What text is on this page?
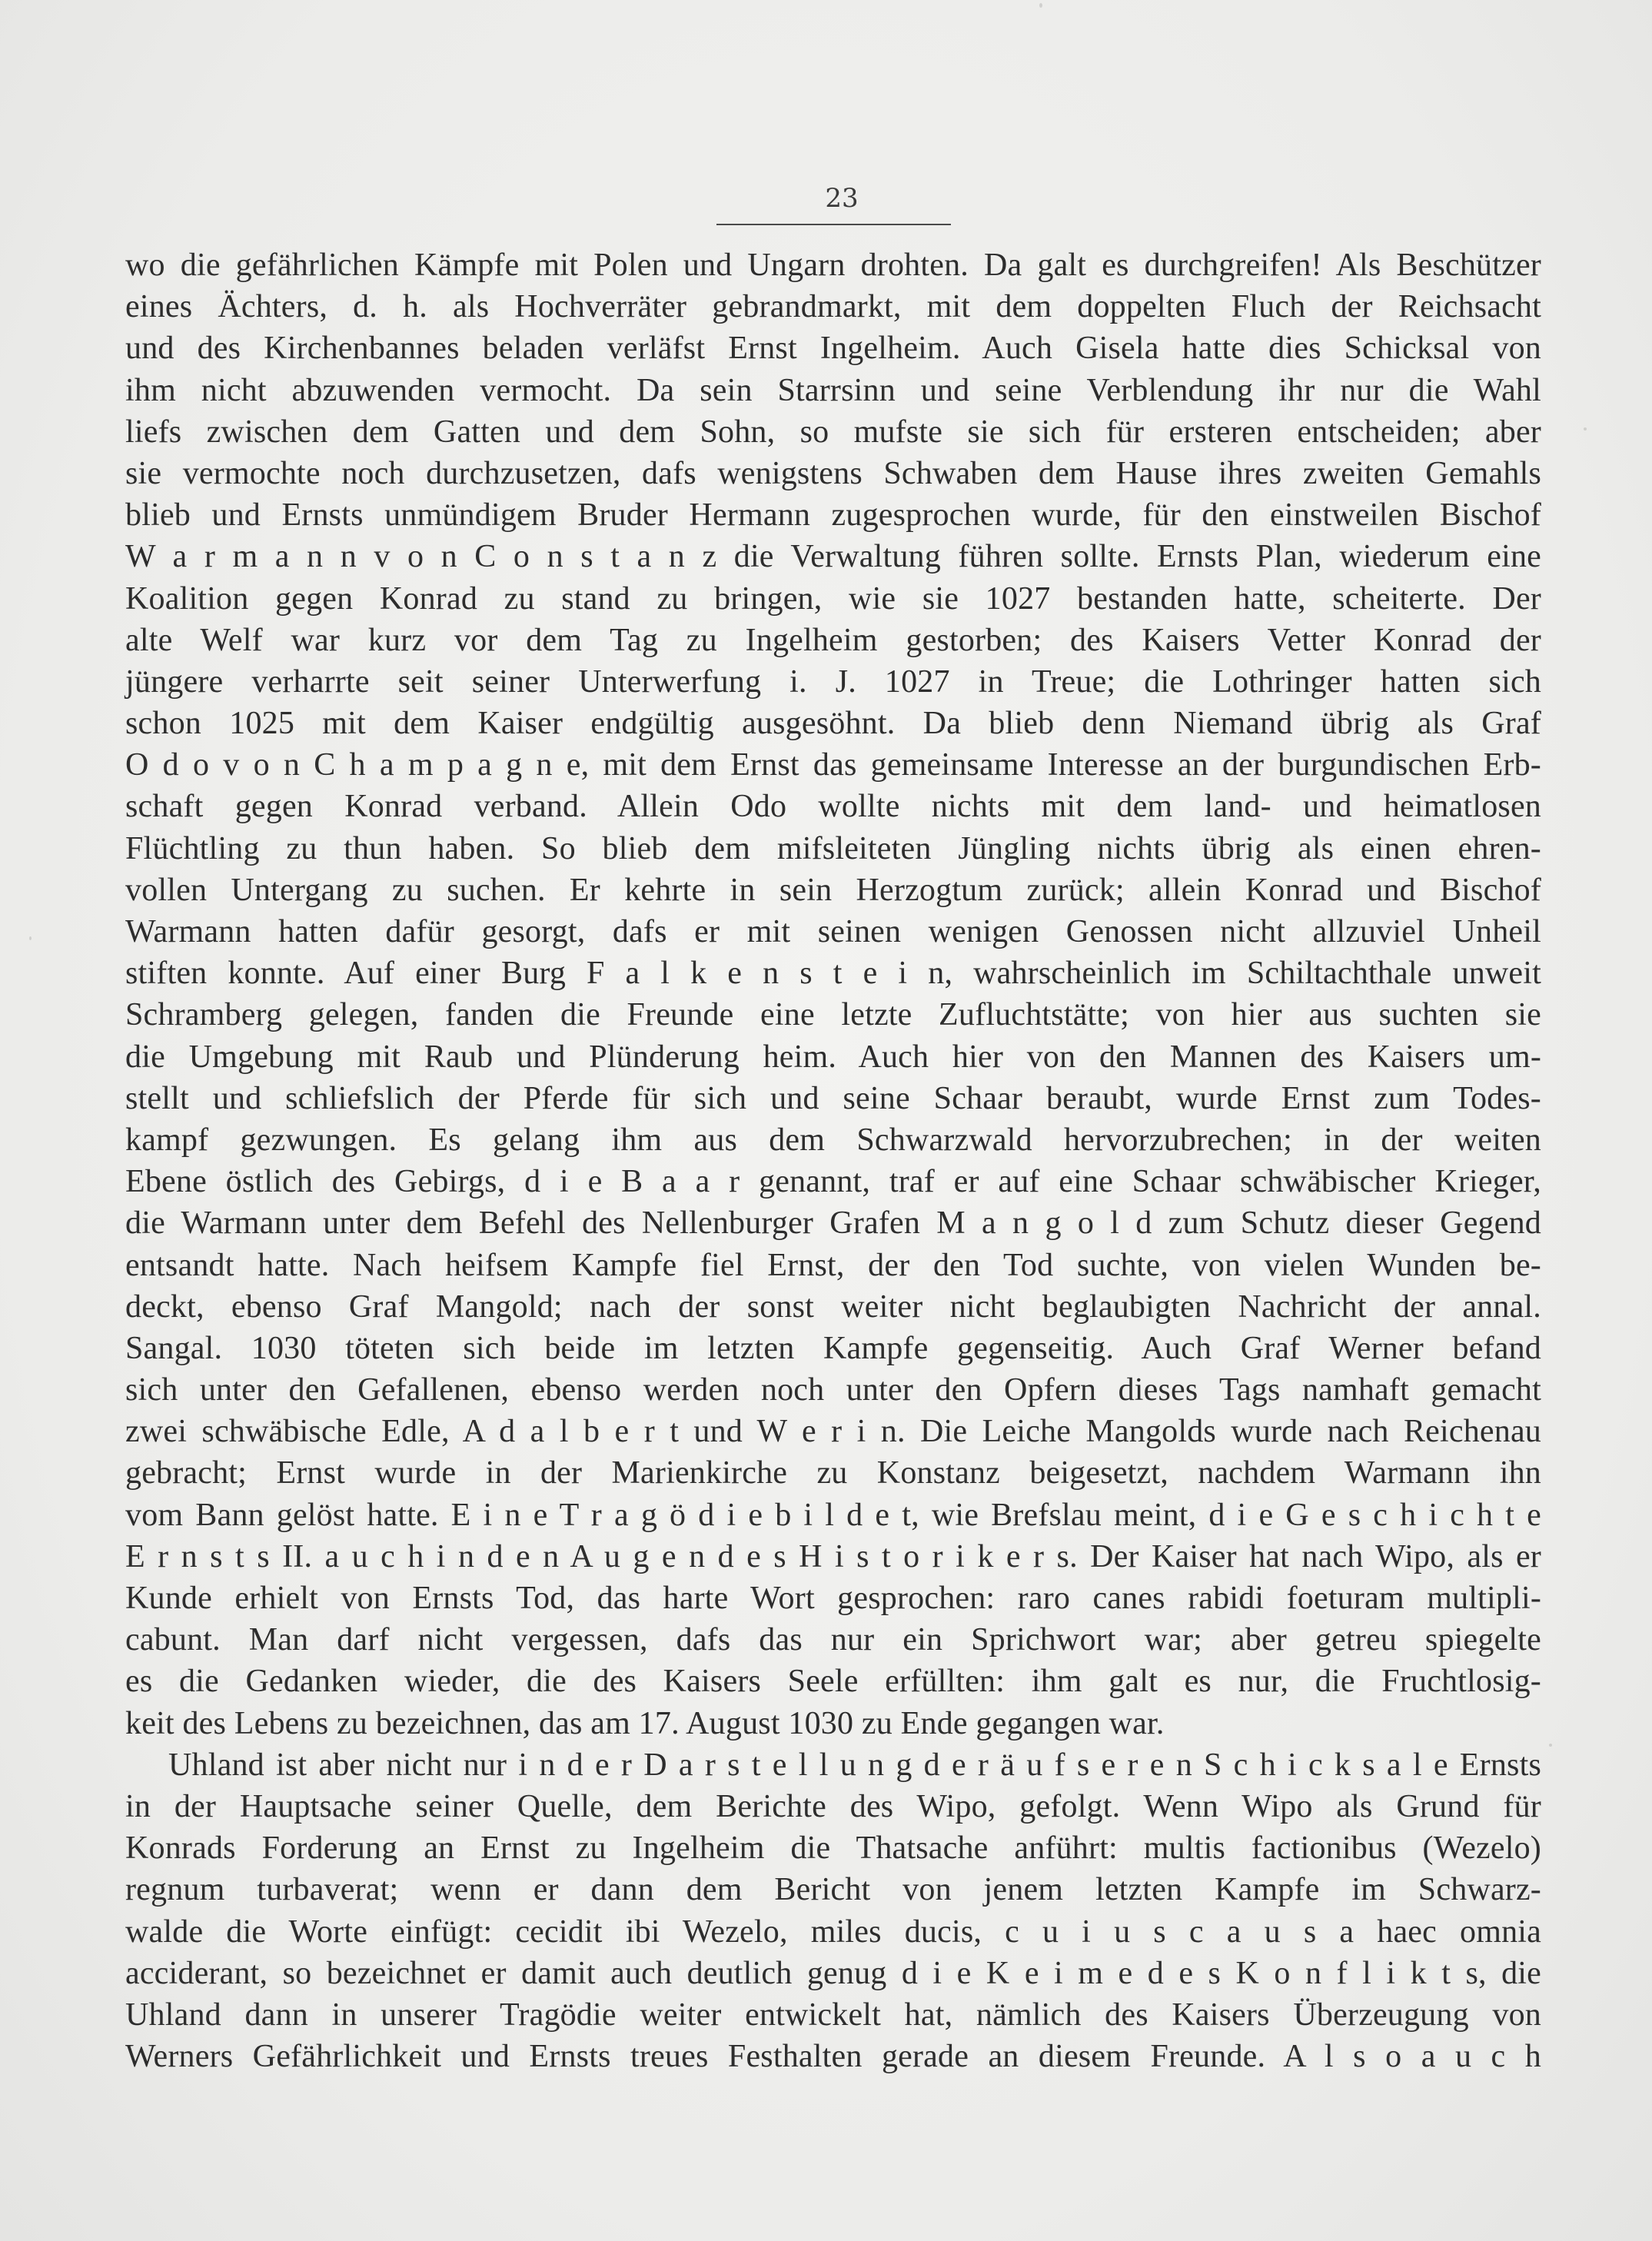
23
wo die gefährlichen Kämpfe mit Polen und Ungarn drohten. Da galt es durchgreifen! Als Beschützer
eines Ächters, d. h. als Hochverräter gebrandmarkt, mit dem doppelten Fluch der Reichsacht
und des Kirchenbannes beladen verläfst Ernst Ingelheim. Auch Gisela hatte dies Schicksal von
ihm nicht abzuwenden vermocht. Da sein Starrsinn und seine Verblendung ihr nur die Wahl
liefs zwischen dem Gatten und dem Sohn, so mufste sie sich für ersteren entscheiden; aber
sie vermochte noch durchzusetzen, dafs wenigstens Schwaben dem Hause ihres zweiten Gemahls
blieb und Ernsts unmündigem Bruder Hermann zugesprochen wurde, für den einstweilen Bischof
W a r m a n n v o n C o n s t a n z die Verwaltung führen sollte. Ernsts Plan, wiederum eine
Koalition gegen Konrad zu stand zu bringen, wie sie 1027 bestanden hatte, scheiterte. Der
alte Welf war kurz vor dem Tag zu Ingelheim gestorben; des Kaisers Vetter Konrad der
jüngere verharrte seit seiner Unterwerfung i. J. 1027 in Treue; die Lothringer hatten sich
schon 1025 mit dem Kaiser endgültig ausgesöhnt. Da blieb denn Niemand übrig als Graf
O d o v o n C h a m p a g n e, mit dem Ernst das gemeinsame Interesse an der burgundischen Erb-
schaft gegen Konrad verband. Allein Odo wollte nichts mit dem land- und heimatlosen
Flüchtling zu thun haben. So blieb dem mifsleiteten Jüngling nichts übrig als einen ehren-
vollen Untergang zu suchen. Er kehrte in sein Herzogtum zurück; allein Konrad und Bischof
Warmann hatten dafür gesorgt, dafs er mit seinen wenigen Genossen nicht allzuviel Unheil
stiften konnte. Auf einer Burg F a l k e n s t e i n, wahrscheinlich im Schiltachthale unweit
Schramberg gelegen, fanden die Freunde eine letzte Zufluchtstätte; von hier aus suchten sie
die Umgebung mit Raub und Plünderung heim. Auch hier von den Mannen des Kaisers um-
stellt und schliefslich der Pferde für sich und seine Schaar beraubt, wurde Ernst zum Todes-
kampf gezwungen. Es gelang ihm aus dem Schwarzwald hervorzubrechen; in der weiten
Ebene östlich des Gebirgs, d i e B a a r genannt, traf er auf eine Schaar schwäbischer Krieger,
die Warmann unter dem Befehl des Nellenburger Grafen M a n g o l d zum Schutz dieser Gegend
entsandt hatte. Nach heifsem Kampfe fiel Ernst, der den Tod suchte, von vielen Wunden be-
deckt, ebenso Graf Mangold; nach der sonst weiter nicht beglaubigten Nachricht der annal.
Sangal. 1030 töteten sich beide im letzten Kampfe gegenseitig. Auch Graf Werner befand
sich unter den Gefallenen, ebenso werden noch unter den Opfern dieses Tags namhaft gemacht
zwei schwäbische Edle, A d a l b e r t und W e r i n. Die Leiche Mangolds wurde nach Reichenau
gebracht; Ernst wurde in der Marienkirche zu Konstanz beigesetzt, nachdem Warmann ihn
vom Bann gelöst hatte. E i n e T r a g ö d i e b i l d e t, wie Brefslau meint, d i e G e s c h i c h t e
E r n s t s II. a u c h i n d e n A u g e n d e s H i s t o r i k e r s. Der Kaiser hat nach Wipo, als er
Kunde erhielt von Ernsts Tod, das harte Wort gesprochen: raro canes rabidi foeturam multipli-
cabunt. Man darf nicht vergessen, dafs das nur ein Sprichwort war; aber getreu spiegelte
es die Gedanken wieder, die des Kaisers Seele erfüllten: ihm galt es nur, die Fruchtlosig-
keit des Lebens zu bezeichnen, das am 17. August 1030 zu Ende gegangen war.
Uhland ist aber nicht nur i n d e r D a r s t e l l u n g d e r ä u f s e r e n S c h i c k s a l e Ernsts
in der Hauptsache seiner Quelle, dem Berichte des Wipo, gefolgt. Wenn Wipo als Grund für
Konrads Forderung an Ernst zu Ingelheim die Thatsache anführt: multis factionibus (Wezelo)
regnum turbaverat; wenn er dann dem Bericht von jenem letzten Kampfe im Schwarz-
walde die Worte einfügt: cecidit ibi Wezelo, miles ducis, c u i u s c a u s a haec omnia
acciderant, so bezeichnet er damit auch deutlich genug d i e K e i m e d e s K o n f l i k t s, die
Uhland dann in unserer Tragödie weiter entwickelt hat, nämlich des Kaisers Überzeugung von
Werners Gefährlichkeit und Ernsts treues Festhalten gerade an diesem Freunde. A l s o a u c h
